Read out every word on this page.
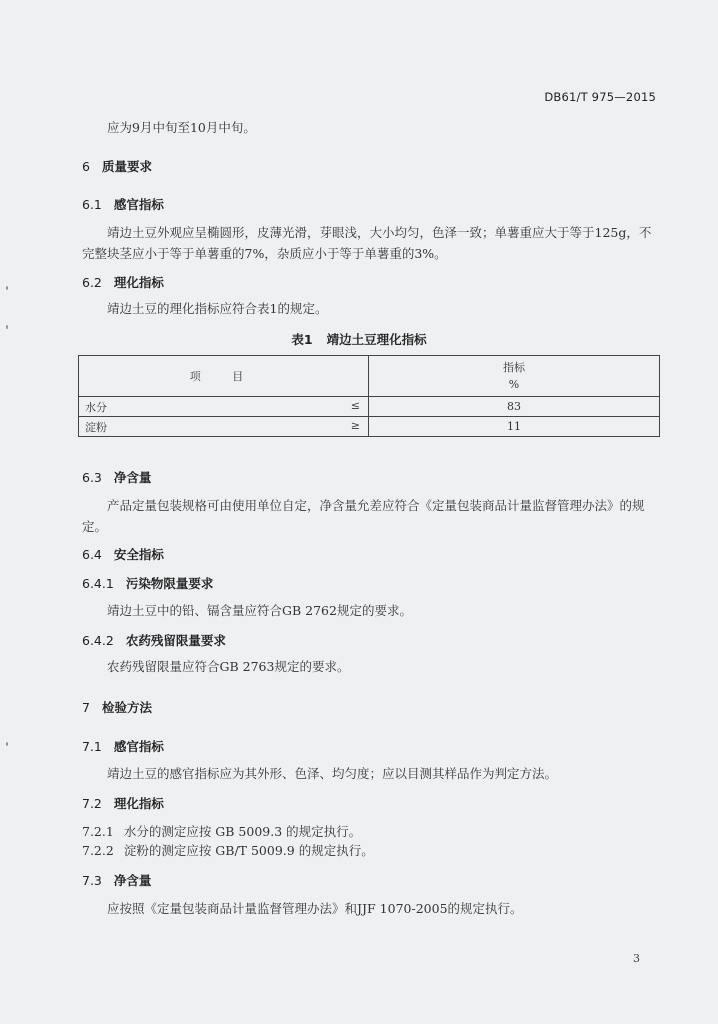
DB61/T 975—2015
应为9月中旬至10月中旬。
6 质量要求
6.1 感官指标
靖边土豆外观应呈椭圆形，皮薄光滑，芽眼浅，大小均匀，色泽一致；单薯重应大于等于125g，不完整块茎应小于等于单薯重的7%，杂质应小于等于单薯重的3%。
6.2 理化指标
靖边土豆的理化指标应符合表1的规定。
表1 靖边土豆理化指标
项 目	指标
%

水分 ≤	83
淀粉 ≥	11
6.3 净含量
产品定量包装规格可由使用单位自定，净含量允差应符合《定量包装商品计量监督管理办法》的规定。
6.4 安全指标
6.4.1 污染物限量要求
靖边土豆中的铅、镉含量应符合GB 2762规定的要求。
6.4.2 农药残留限量要求
农药残留限量应符合GB 2763规定的要求。
7 检验方法
7.1 感官指标
靖边土豆的感官指标应为其外形、色泽、均匀度；应以目测其样品作为判定方法。
7.2 理化指标
7.2.1 水分的测定应按 GB 5009.3 的规定执行。
7.2.2 淀粉的测定应按 GB/T 5009.9 的规定执行。
7.3 净含量
应按照《定量包装商品计量监督管理办法》和JJF 1070-2005的规定执行。
3
